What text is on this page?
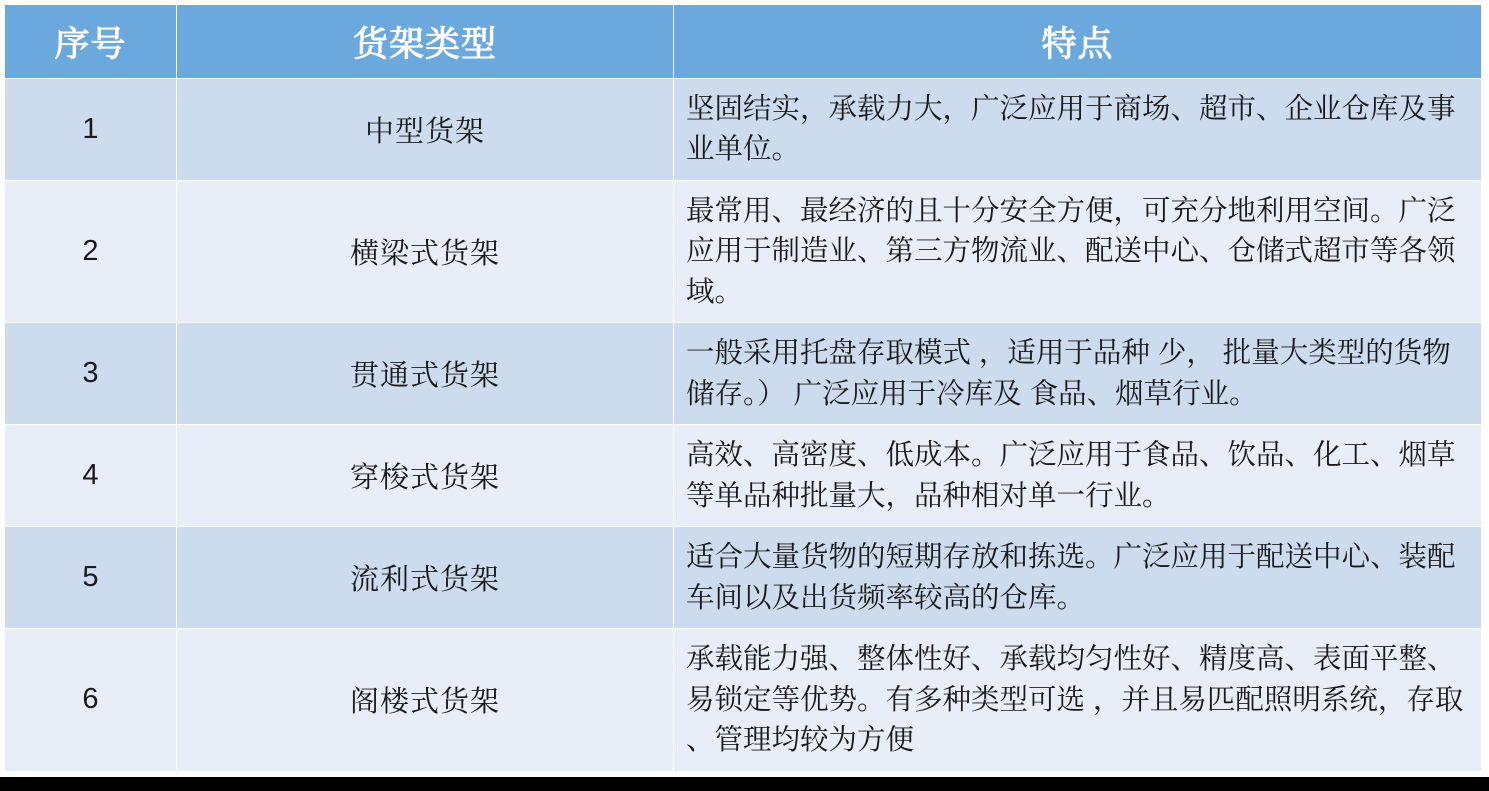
序号	货架类型	特点
1	中型货架	坚固结实，承载力大，广泛应用于商场、超市、企业仓库及事业单位。
2	横梁式货架	最常用、最经济的且十分安全方便，可充分地利用空间。广泛应用于制造业、第三方物流业、配送中心、仓储式超市等各领域。
3	贯通式货架	一般采用托盘存取模式 ，适用于品种 少， 批量大类型的货物储存。） 广泛应用于冷库及 食品、烟草行业。
4	穿梭式货架	高效、高密度、低成本。广泛应用于食品、饮品、化工、烟草等单品种批量大，品种相对单一行业。
5	流利式货架	适合大量货物的短期存放和拣选。广泛应用于配送中心、装配车间以及出货频率较高的仓库。
6	阁楼式货架	承载能力强、整体性好、承载均匀性好、精度高、表面平整、易锁定等优势。有多种类型可选 ，并且易匹配照明系统，存取 、管理均较为方便
